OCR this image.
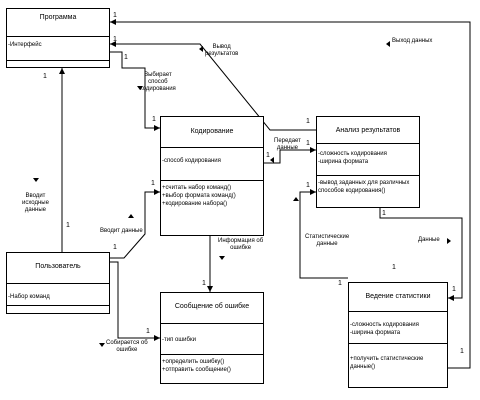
Программа
-Интерфейс
Кодирование
-способ кодирования
+считать набор команд()
+выбор формата команд()
+кодирование набора()
Анализ результатов
-сложность кодирования
-ширина формата
-вывод заданных для различных
способов кодирования()
Пользователь
-Набор команд
Сообщение об ошибке
-тип ошибки
+определить ошибку()
+отправить сообщение()
Ведение статистики
-сложность кодирования
-ширина формата
+получить статистические
данные()
Вывод
результатов
Выход данных
Выбирает
способ
кодирования
Передает
данные
Вводит
исходные
данные
Вводит данные
Информация об
ошибке
Статистические
данные
Данные
Собирается об
ошибке
1
1
1
1
1	1
1
1
1	1
1
1
1
1
1
1
1
1
1
